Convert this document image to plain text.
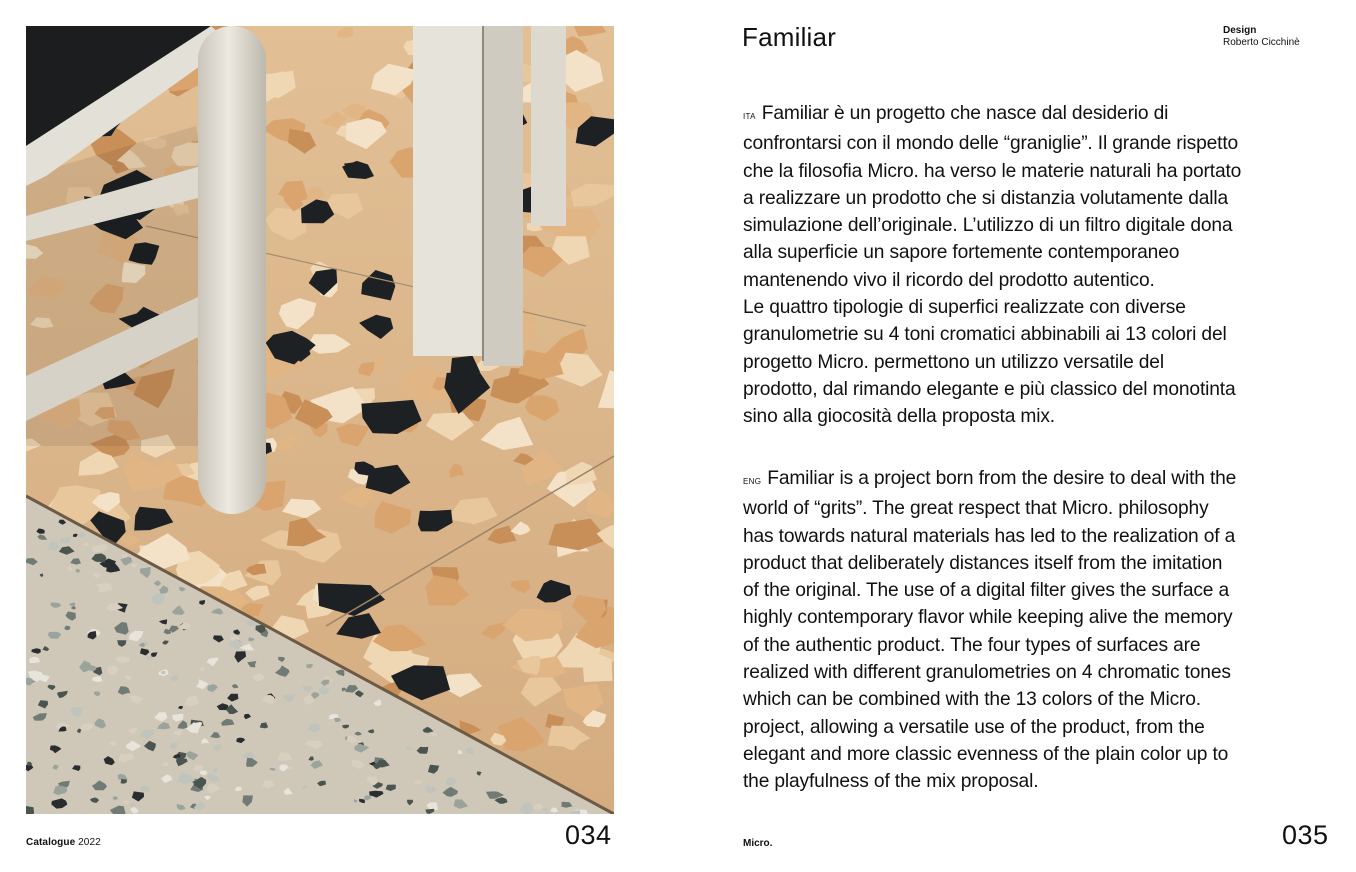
Catalogue 2022	034
Familiar	Design
Roberto Cicchinè

ITA Familiar è un progetto che nasce dal desiderio di
confrontarsi con il mondo delle “graniglie”. Il grande rispetto
che la filosofia Micro. ha verso le materie naturali ha portato
a realizzare un prodotto che si distanzia volutamente dalla
simulazione dell’originale. L’utilizzo di un filtro digitale dona
alla superficie un sapore fortemente contemporaneo
mantenendo vivo il ricordo del prodotto autentico.
Le quattro tipologie di superfici realizzate con diverse
granulometrie su 4 toni cromatici abbinabili ai 13 colori del
progetto Micro. permettono un utilizzo versatile del
prodotto, dal rimando elegante e più classico del monotinta
sino alla giocosità della proposta mix.

ENG Familiar is a project born from the desire to deal with the
world of “grits”. The great respect that Micro. philosophy
has towards natural materials has led to the realization of a
product that deliberately distances itself from the imitation
of the original. The use of a digital filter gives the surface a
highly contemporary flavor while keeping alive the memory
of the authentic product. The four types of surfaces are
realized with different granulometries on 4 chromatic tones
which can be combined with the 13 colors of the Micro.
project, allowing a versatile use of the product, from the
elegant and more classic evenness of the plain color up to
the playfulness of the mix proposal.

Micro.	035
